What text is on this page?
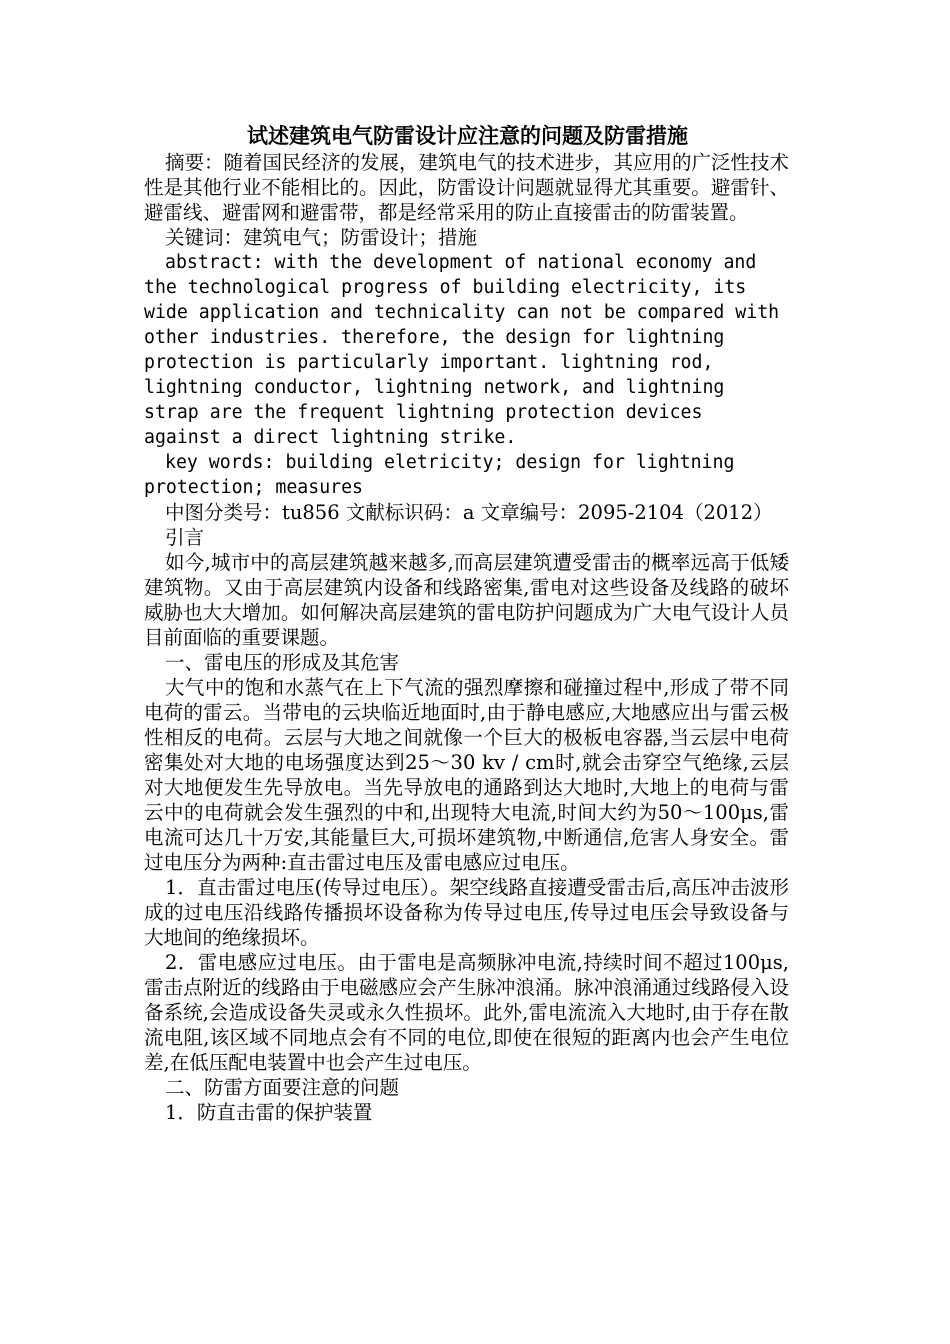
试述建筑电气防雷设计应注意的问题及防雷措施

摘要：随着国民经济的发展，建筑电气的技术进步，其应用的广泛性技术性是其他行业不能相比的。因此，防雷设计问题就显得尤其重要。避雷针、避雷线、避雷网和避雷带，都是经常采用的防止直接雷击的防雷装置。

关键词：建筑电气；防雷设计；措施

abstract: with the development of national economy and the technological progress of building electricity, its wide application and technicality can not be compared with other industries. therefore, the design for lightning protection is particularly important. lightning rod, lightning conductor, lightning network, and lightning strap are the frequent lightning protection devices against a direct lightning strike.

key words: building eletricity; design for lightning protection; measures

中图分类号：tu856 文献标识码：a 文章编号：2095-2104（2012）

引言

如今,城市中的高层建筑越来越多,而高层建筑遭受雷击的概率远高于低矮建筑物。又由于高层建筑内设备和线路密集,雷电对这些设备及线路的破坏威胁也大大增加。如何解决高层建筑的雷电防护问题成为广大电气设计人员目前面临的重要课题。

一、雷电压的形成及其危害

大气中的饱和水蒸气在上下气流的强烈摩擦和碰撞过程中,形成了带不同电荷的雷云。当带电的云块临近地面时,由于静电感应,大地感应出与雷云极性相反的电荷。云层与大地之间就像一个巨大的极板电容器,当云层中电荷密集处对大地的电场强度达到25～30 kv / cm时,就会击穿空气绝缘,云层对大地便发生先导放电。当先导放电的通路到达大地时,大地上的电荷与雷云中的电荷就会发生强烈的中和,出现特大电流,时间大约为50～100μs,雷电流可达几十万安,其能量巨大,可损坏建筑物,中断通信,危害人身安全。雷过电压分为两种:直击雷过电压及雷电感应过电压。

1．直击雷过电压(传导过电压）。架空线路直接遭受雷击后,高压冲击波形成的过电压沿线路传播损坏设备称为传导过电压,传导过电压会导致设备与大地间的绝缘损坏。

2．雷电感应过电压。由于雷电是高频脉冲电流,持续时间不超过100μs,雷击点附近的线路由于电磁感应会产生脉冲浪涌。脉冲浪涌通过线路侵入设备系统,会造成设备失灵或永久性损坏。此外,雷电流流入大地时,由于存在散流电阻,该区域不同地点会有不同的电位,即使在很短的距离内也会产生电位差,在低压配电装置中也会产生过电压。

二、防雷方面要注意的问题

1．防直击雷的保护装置
